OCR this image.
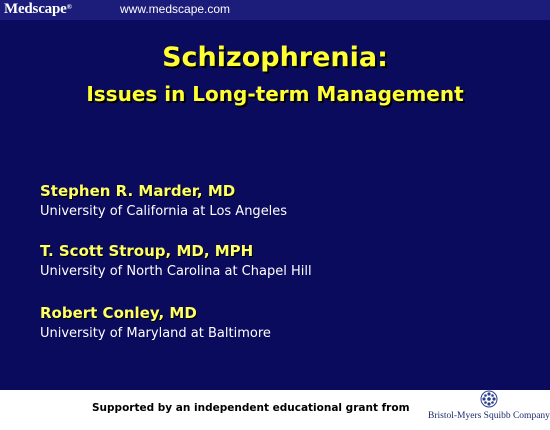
Medscape®	www.medscape.com
Schizophrenia:
Issues in Long-term Management
Stephen R. Marder, MD
University of California at Los Angeles
T. Scott Stroup, MD, MPH
University of North Carolina at Chapel Hill
Robert Conley, MD
University of Maryland at Baltimore
Supported by an independent educational grant from
Bristol-Myers Squibb Company
